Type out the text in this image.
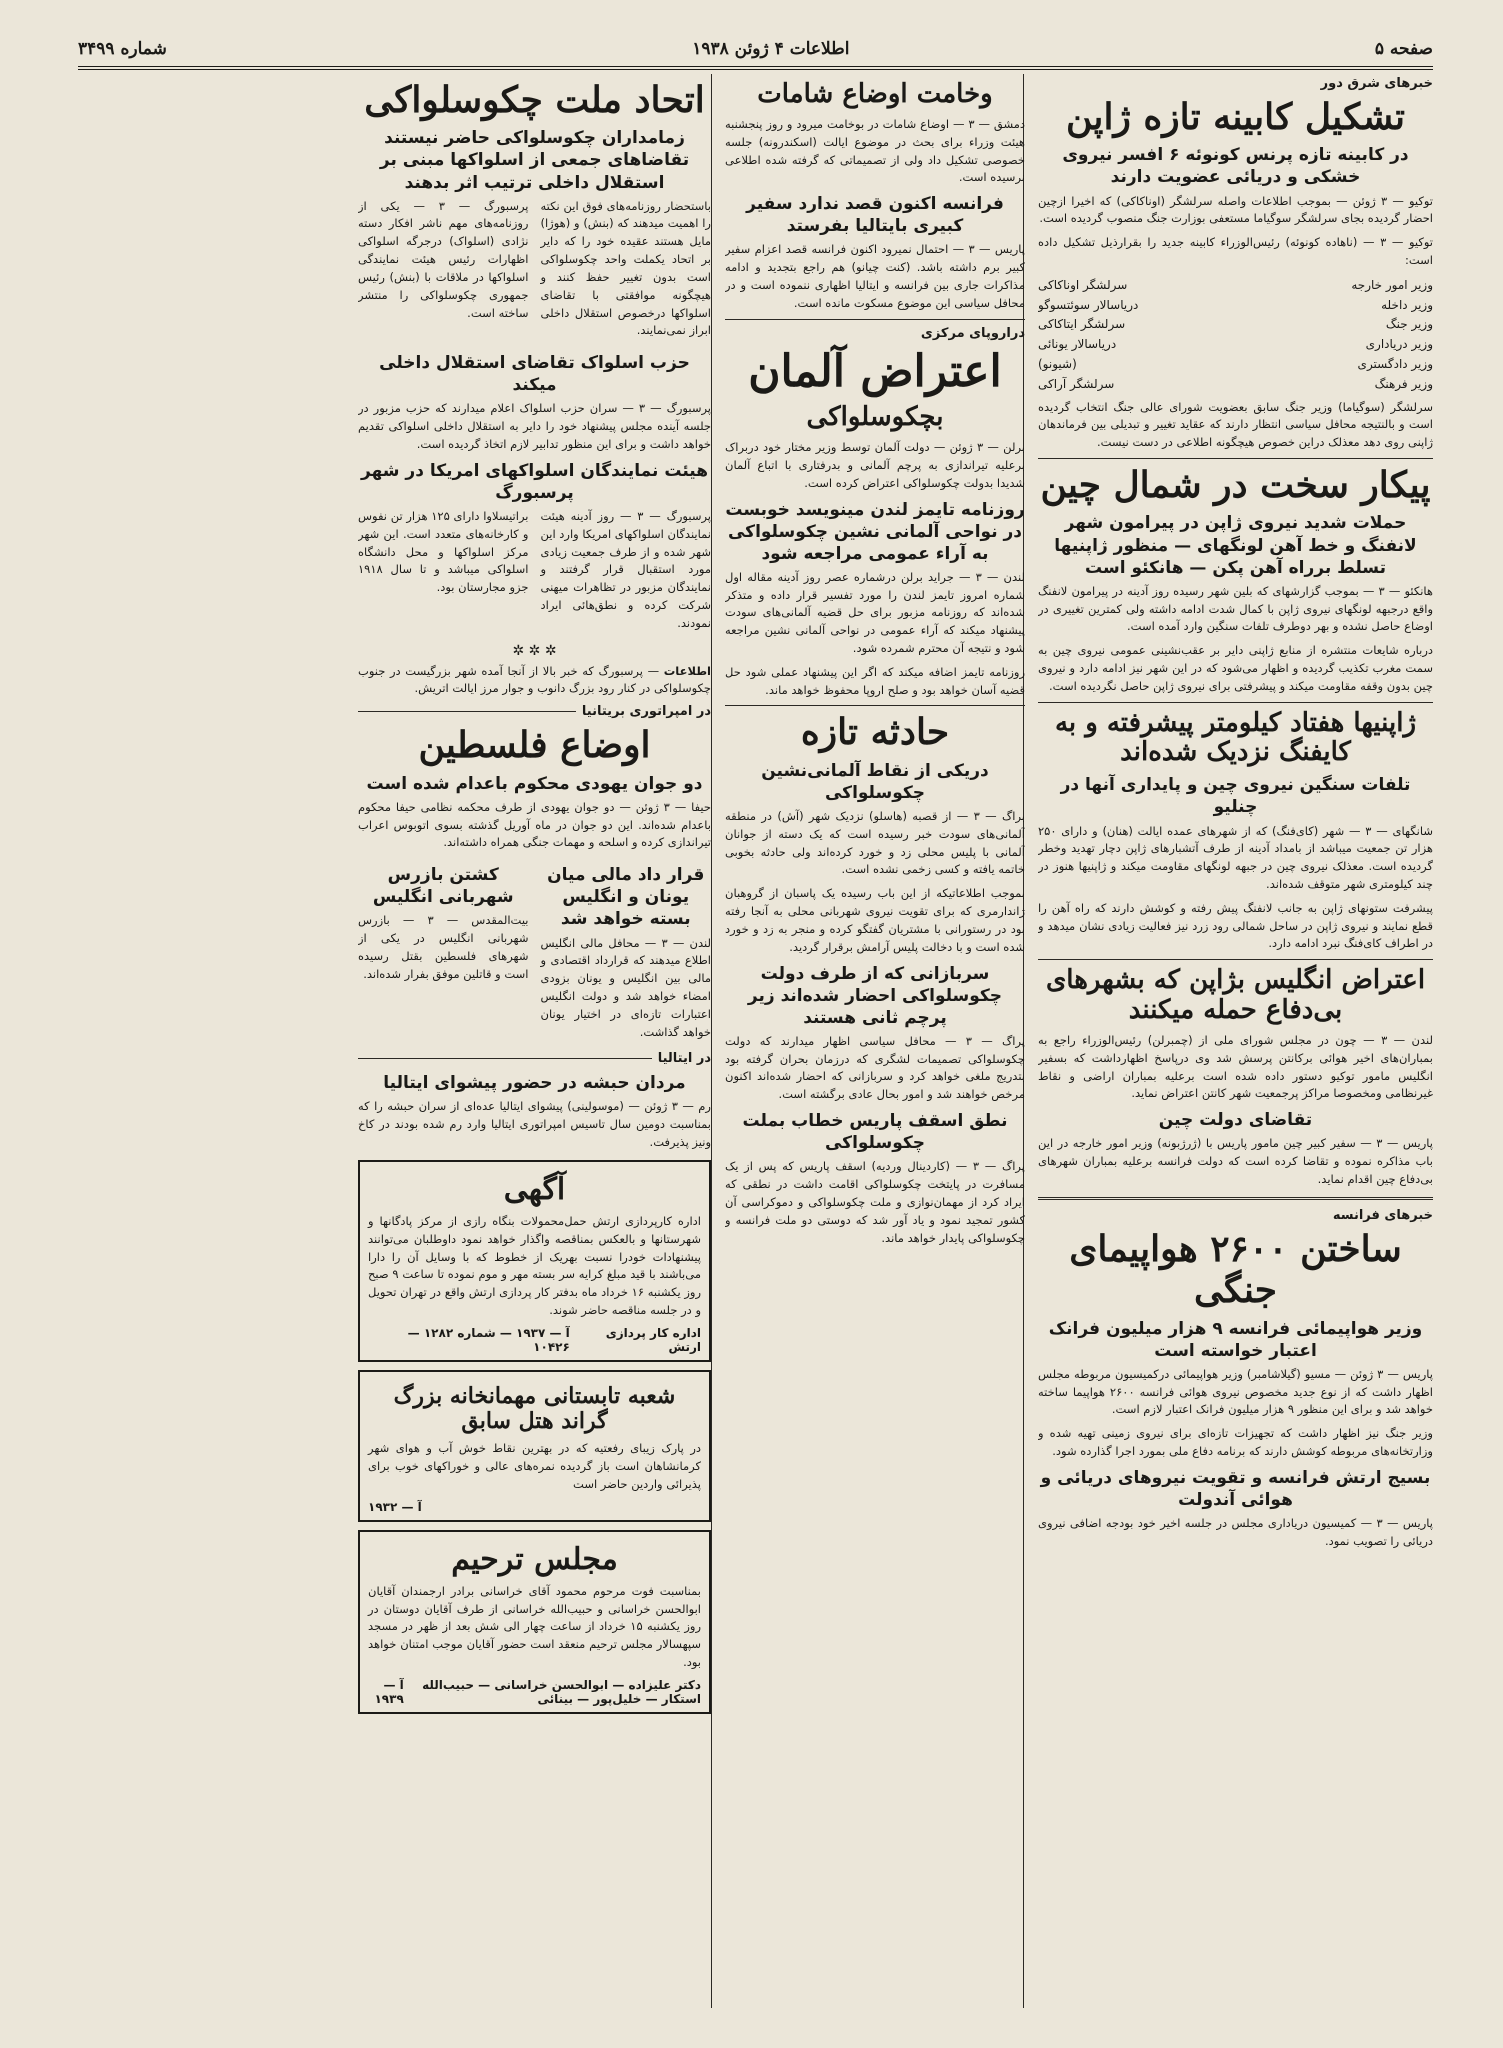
صفحه ۵
اطلاعات ۴ ژوئن ۱۹۳۸
شماره ۳۴۹۹
خبرهای شرق دور
تشکیل کابینه تازه ژاپن
در کابینه تازه پرنس کونوئه ۶ افسر نیروی خشکی و دریائی عضویت دارند

توکیو — ۳ ژوئن — بموجب اطلاعات واصله سرلشگر (اوناکاکی) که اخیرا ازچین احضار گردیده بجای سرلشگر سوگیاما مستعفی بوزارت جنگ منصوب گردیده است.

توکیو — ۳ — (ناهاده کونوئه) رئیس‌الوزراء کابینه جدید را بقرارذیل تشکیل داده است:

وزیر امور خارجه
سرلشگر اوناکاکی
وزیر داخله
دریاسالار سوئتسوگو
وزیر جنگ
سرلشگر ایتاکاکی
وزیر دریاداری
دریاسالار یونائی
وزیر دادگستری
(شیونو)
وزیر فرهنگ
سرلشگر آراکی

سرلشگر (سوگیاما) وزیر جنگ سابق بعضویت شورای عالی جنگ انتخاب گردیده است و بالنتیجه محافل سیاسی انتظار دارند که عقاید تغییر و تبدیلی بین فرماندهان ژاپنی روی دهد معذلک دراین خصوص هیچگونه اطلاعی در دست نیست.

پیکار سخت در شمال چین
حملات شدید نیروی ژاپن در پیرامون شهر لانفنگ و خط آهن لونگهای — منظور ژاپنیها تسلط برراه آهن پکن — هانکئو است

هانکئو — ۳ — بموجب گزارشهای که بلین شهر رسیده روز آدینه در پیرامون لانفنگ واقع درجبهه لونگهای نیروی ژاپن با کمال شدت ادامه داشته ولی کمترین تغییری در اوضاع حاصل نشده و بهر دوطرف تلفات سنگین وارد آمده است.

درباره شایعات منتشره از منابع ژاپنی دایر بر عقب‌نشینی عمومی نیروی چین به سمت مغرب تکذیب گردیده و اظهار می‌شود که در این شهر نیز ادامه دارد و نیروی چین بدون وقفه مقاومت میکند و پیشرفتی برای نیروی ژاپن حاصل نگردیده است.

ژاپنیها هفتاد کیلومتر پیشرفته و به کایفنگ نزدیک شده‌اند
تلفات سنگین نیروی چین و پایداری آنها در چنلیو

شانگهای — ۳ — شهر (کای‌فنگ) که از شهرهای عمده ایالت (هنان) و دارای ۲۵۰ هزار تن جمعیت میباشد از بامداد آدینه از طرف آتشبارهای ژاپن دچار تهدید وخطر گردیده است. معذلک نیروی چین در جبهه لونگهای مقاومت میکند و ژاپنیها هنوز در چند کیلومتری شهر متوقف شده‌اند.

پیشرفت ستونهای ژاپن به جانب لانفنگ پیش رفته و کوشش دارند که راه آهن را قطع نمایند و نیروی ژاپن در ساحل شمالی رود زرد نیز فعالیت زیادی نشان میدهد و در اطراف کای‌فنگ نبرد ادامه دارد.

اعتراض انگلیس بژاپن که بشهرهای بی‌دفاع حمله میکنند

لندن — ۳ — چون در مجلس شورای ملی از (چمبرلن) رئیس‌الوزراء راجع به بمباران‌های اخیر هوائی برکانتن پرسش شد وی درپاسخ اظهارداشت که بسفیر انگلیس مامور توکیو دستور داده شده است برعلیه بمباران اراضی و نقاط غیرنظامی ومخصوصا مراکز پرجمعیت شهر کانتن اعتراض نماید.

تقاضای دولت چین

پاریس — ۳ — سفیر کبیر چین مامور پاریس با (ژرژبونه) وزیر امور خارجه در این باب مذاکره نموده و تقاضا کرده است که دولت فرانسه برعلیه بمباران شهرهای بی‌دفاع چین اقدام نماید.

خبرهای فرانسه
ساختن ۲۶۰۰ هواپیمای جنگی
وزیر هواپیمائی فرانسه ۹ هزار میلیون فرانک اعتبار خواسته است

پاریس — ۳ ژوئن — مسیو (گیلاشامبر) وزیر هواپیمائی درکمیسیون مربوطه مجلس اظهار داشت که از نوع جدید مخصوص نیروی هوائی فرانسه ۲۶۰۰ هواپیما ساخته خواهد شد و برای این منظور ۹ هزار میلیون فرانک اعتبار لازم است.

وزیر جنگ نیز اظهار داشت که تجهیزات تازه‌ای برای نیروی زمینی تهیه شده و وزارتخانه‌های مربوطه کوشش دارند که برنامه دفاع ملی بمورد اجرا گذارده شود.

بسیج ارتش فرانسه و تقویت نیروهای دریائی و هوائی آندولت

پاریس — ۳ — کمیسیون دریاداری مجلس در جلسه اخیر خود بودجه اضافی نیروی دریائی را تصویب نمود.

وخامت اوضاع شامات

دمشق — ۳ — اوضاع شامات در بوخامت میرود و روز پنجشنبه هیئت وزراء برای بحث در موضوع ایالت (اسکندرونه) جلسه خصوصی تشکیل داد ولی از تصمیماتی که گرفته شده اطلاعی نرسیده است.

فرانسه اکنون قصد ندارد سفیر کبیری بایتالیا بفرستد

پاریس — ۳ — احتمال نمیرود اکنون فرانسه قصد اعزام سفیر کبیر برم داشته باشد. (کنت چیانو) هم راجع بتجدید و ادامه مذاکرات جاری بین فرانسه و ایتالیا اظهاری ننموده است و در محافل سیاسی این موضوع مسکوت مانده است.

دراروپای مرکزی
اعتراض آلمان
بچکوسلواکی

برلن — ۳ ژوئن — دولت آلمان توسط وزیر مختار خود دربراک برعلیه تیراندازی به پرچم آلمانی و بدرفتاری با اتباع آلمان شدیدا بدولت چکوسلواکی اعتراض کرده است.

روزنامه تایمز لندن مینویسد خوبست در نواحی آلمانی نشین چکوسلواکی به آراء عمومی مراجعه شود

لندن — ۳ — جراید برلن درشماره عصر روز آدینه مقاله اول شماره امروز تایمز لندن را مورد تفسیر قرار داده و متذکر شده‌اند که روزنامه مزبور برای حل قضیه آلمانی‌های سودت پیشنهاد میکند که آراء عمومی در نواحی آلمانی نشین مراجعه شود و نتیجه آن محترم شمرده شود.

روزنامه تایمز اضافه میکند که اگر این پیشنهاد عملی شود حل قضیه آسان خواهد بود و صلح اروپا محفوظ خواهد ماند.

حادثه تازه
دریکی از نقاط آلمانی‌نشین چکوسلواکی

براگ — ۳ — از قصبه (هاسلو) نزدیک شهر (آش) در منطقه آلمانی‌های سودت خبر رسیده است که یک دسته از جوانان آلمانی با پلیس محلی زد و خورد کرده‌اند ولی حادثه بخوبی خاتمه یافته و کسی زخمی نشده است.

بموجب اطلاعاتیکه از این باب رسیده یک پاسبان از گروهبان ژاندارمری که برای تقویت نیروی شهربانی محلی به آنجا رفته بود در رستورانی با مشتریان گفتگو کرده و منجر به زد و خورد شده است و با دخالت پلیس آرامش برقرار گردید.

سربازانی که از طرف دولت چکوسلواکی احضار شده‌اند زیر پرچم ثانی هستند

پراگ — ۳ — محافل سیاسی اظهار میدارند که دولت چکوسلواکی تصمیمات لشگری که درزمان بحران گرفته بود بتدریج ملغی خواهد کرد و سربازانی که احضار شده‌اند اکنون مرخص خواهند شد و امور بحال عادی برگشته است.

نطق اسقف پاریس خطاب بملت چکوسلواکی

پراگ — ۳ — (کاردینال وردیه) اسقف پاریس که پس از یک مسافرت در پایتخت چکوسلواکی اقامت داشت در نطقی که ایراد کرد از مهمان‌نوازی و ملت چکوسلواکی و دموکراسی آن کشور تمجید نمود و یاد آور شد که دوستی دو ملت فرانسه و چکوسلواکی پایدار خواهد ماند.

اتحاد ملت چکوسلواکی
زمامداران چکوسلواکی حاضر نیستند تقاضاهای جمعی از اسلواکها مبنی بر استقلال داخلی ترتیب اثر بدهند

باستحضار روزنامه‌های فوق این نکته را اهمیت میدهند که (بنش) و (هوژا) مایل هستند عقیده خود را که دایر بر اتحاد یکملت واحد چکوسلواکی است بدون تغییر حفظ کنند و هیچگونه موافقتی با تقاضای اسلواکها درخصوص استقلال داخلی ابراز نمی‌نمایند.

پرسبورگ — ۳ — یکی از روزنامه‌های مهم ناشر افکار دسته نژادی (اسلواک) درجرگه اسلواکی اظهارات رئیس هیئت نمایندگی اسلواکها در ملاقات با (بنش) رئیس جمهوری چکوسلواکی را منتشر ساخته است.

حزب اسلواک تقاضای استقلال داخلی میکند

پرسبورگ — ۳ — سران حزب اسلواک اعلام میدارند که حزب مزبور در جلسه آینده مجلس پیشنهاد خود را دایر به استقلال داخلی اسلواکی تقدیم خواهد داشت و برای این منظور تدابیر لازم اتخاذ گردیده است.

هیئت نمایندگان اسلواکهای امریکا در شهر پرسبورگ

پرسبورگ — ۳ — روز آدینه هیئت نمایندگان اسلواکهای امریکا وارد این شهر شده و از طرف جمعیت زیادی مورد استقبال قرار گرفتند و نمایندگان مزبور در تظاهرات میهنی شرکت کرده و نطق‌هائی ایراد نمودند.

براتیسلاوا دارای ۱۲۵ هزار تن نفوس و کارخانه‌های متعدد است. این شهر مرکز اسلواکها و محل دانشگاه اسلواکی میباشد و تا سال ۱۹۱۸ جزو مجارستان بود.

✲ ✲ ✲

اطلاعات — پرسبورگ که خبر بالا از آنجا آمده شهر بزرگیست در جنوب چکوسلواکی در کنار رود بزرگ دانوب و جوار مرز ایالت اتریش.

در امپراتوری بریتانیا
اوضاع فلسطین
دو جوان یهودی محکوم باعدام شده است

حیفا — ۳ ژوئن — دو جوان یهودی از طرف محکمه نظامی حیفا محکوم باعدام شده‌اند. این دو جوان در ماه آوریل گذشته بسوی اتوبوس اعراب تیراندازی کرده و اسلحه و مهمات جنگی همراه داشته‌اند.

قرار داد مالی میان یونان و انگلیس بسته خواهد شد

لندن — ۳ — محافل مالی انگلیس اطلاع میدهند که قرارداد اقتصادی و مالی بین انگلیس و یونان بزودی امضاء خواهد شد و دولت انگلیس اعتبارات تازه‌ای در اختیار یونان خواهد گذاشت.

کشتن بازرس شهربانی انگلیس

بیت‌المقدس — ۳ — بازرس شهربانی انگلیس در یکی از شهرهای فلسطین بقتل رسیده است و قاتلین موفق بفرار شده‌اند.

در ایتالیا
مردان حبشه در حضور پیشوای ایتالیا

رم — ۳ ژوئن — (موسولینی) پیشوای ایتالیا عده‌ای از سران حبشه را که بمناسبت دومین سال تاسیس امپراتوری ایتالیا وارد رم شده بودند در کاخ ونیز پذیرفت.

آگهی

اداره کارپردازی ارتش حمل‌محمولات بنگاه رازی از مرکز پادگانها و شهرستانها و بالعکس بمناقصه واگذار خواهد نمود داوطلبان می‌توانند پیشنهادات خودرا نسبت بهریک از خطوط که با وسایل آن را دارا می‌باشند با قید مبلغ کرایه سر بسته مهر و موم نموده تا ساعت ۹ صبح روز یکشنبه ۱۶ خرداد ماه بدفتر کار پردازی ارتش واقع در تهران تحویل و در جلسه مناقصه حاضر شوند.

اداره کار پردازی ارتش
آ — ۱۹۳۷ — شماره ۱۲۸۲ — ۱۰۴۲۶
شعبه تابستانی مهمانخانه بزرگ گراند هتل سابق

در پارک زیبای رفعتیه که در بهترین نقاط خوش آب و هوای شهر کرمانشاهان است باز گردیده نمره‌های عالی و خوراکهای خوب برای پذیرائی واردین حاضر است

آ — ۱۹۳۲
مجلس ترحیم

بمناسبت فوت مرحوم محمود آقای خراسانی برادر ارجمندان آقایان ابوالحسن خراسانی و حبیب‌الله خراسانی از طرف آقایان دوستان در روز یکشنبه ۱۵ خرداد از ساعت چهار الی شش بعد از ظهر در مسجد سپهسالار مجلس ترحیم منعقد است حضور آقایان موجب امتنان خواهد بود.

دکتر علیزاده — ابوالحسن خراسانی — حبیب‌الله استکار — خلیل‌پور — بینائی
آ — ۱۹۳۹
